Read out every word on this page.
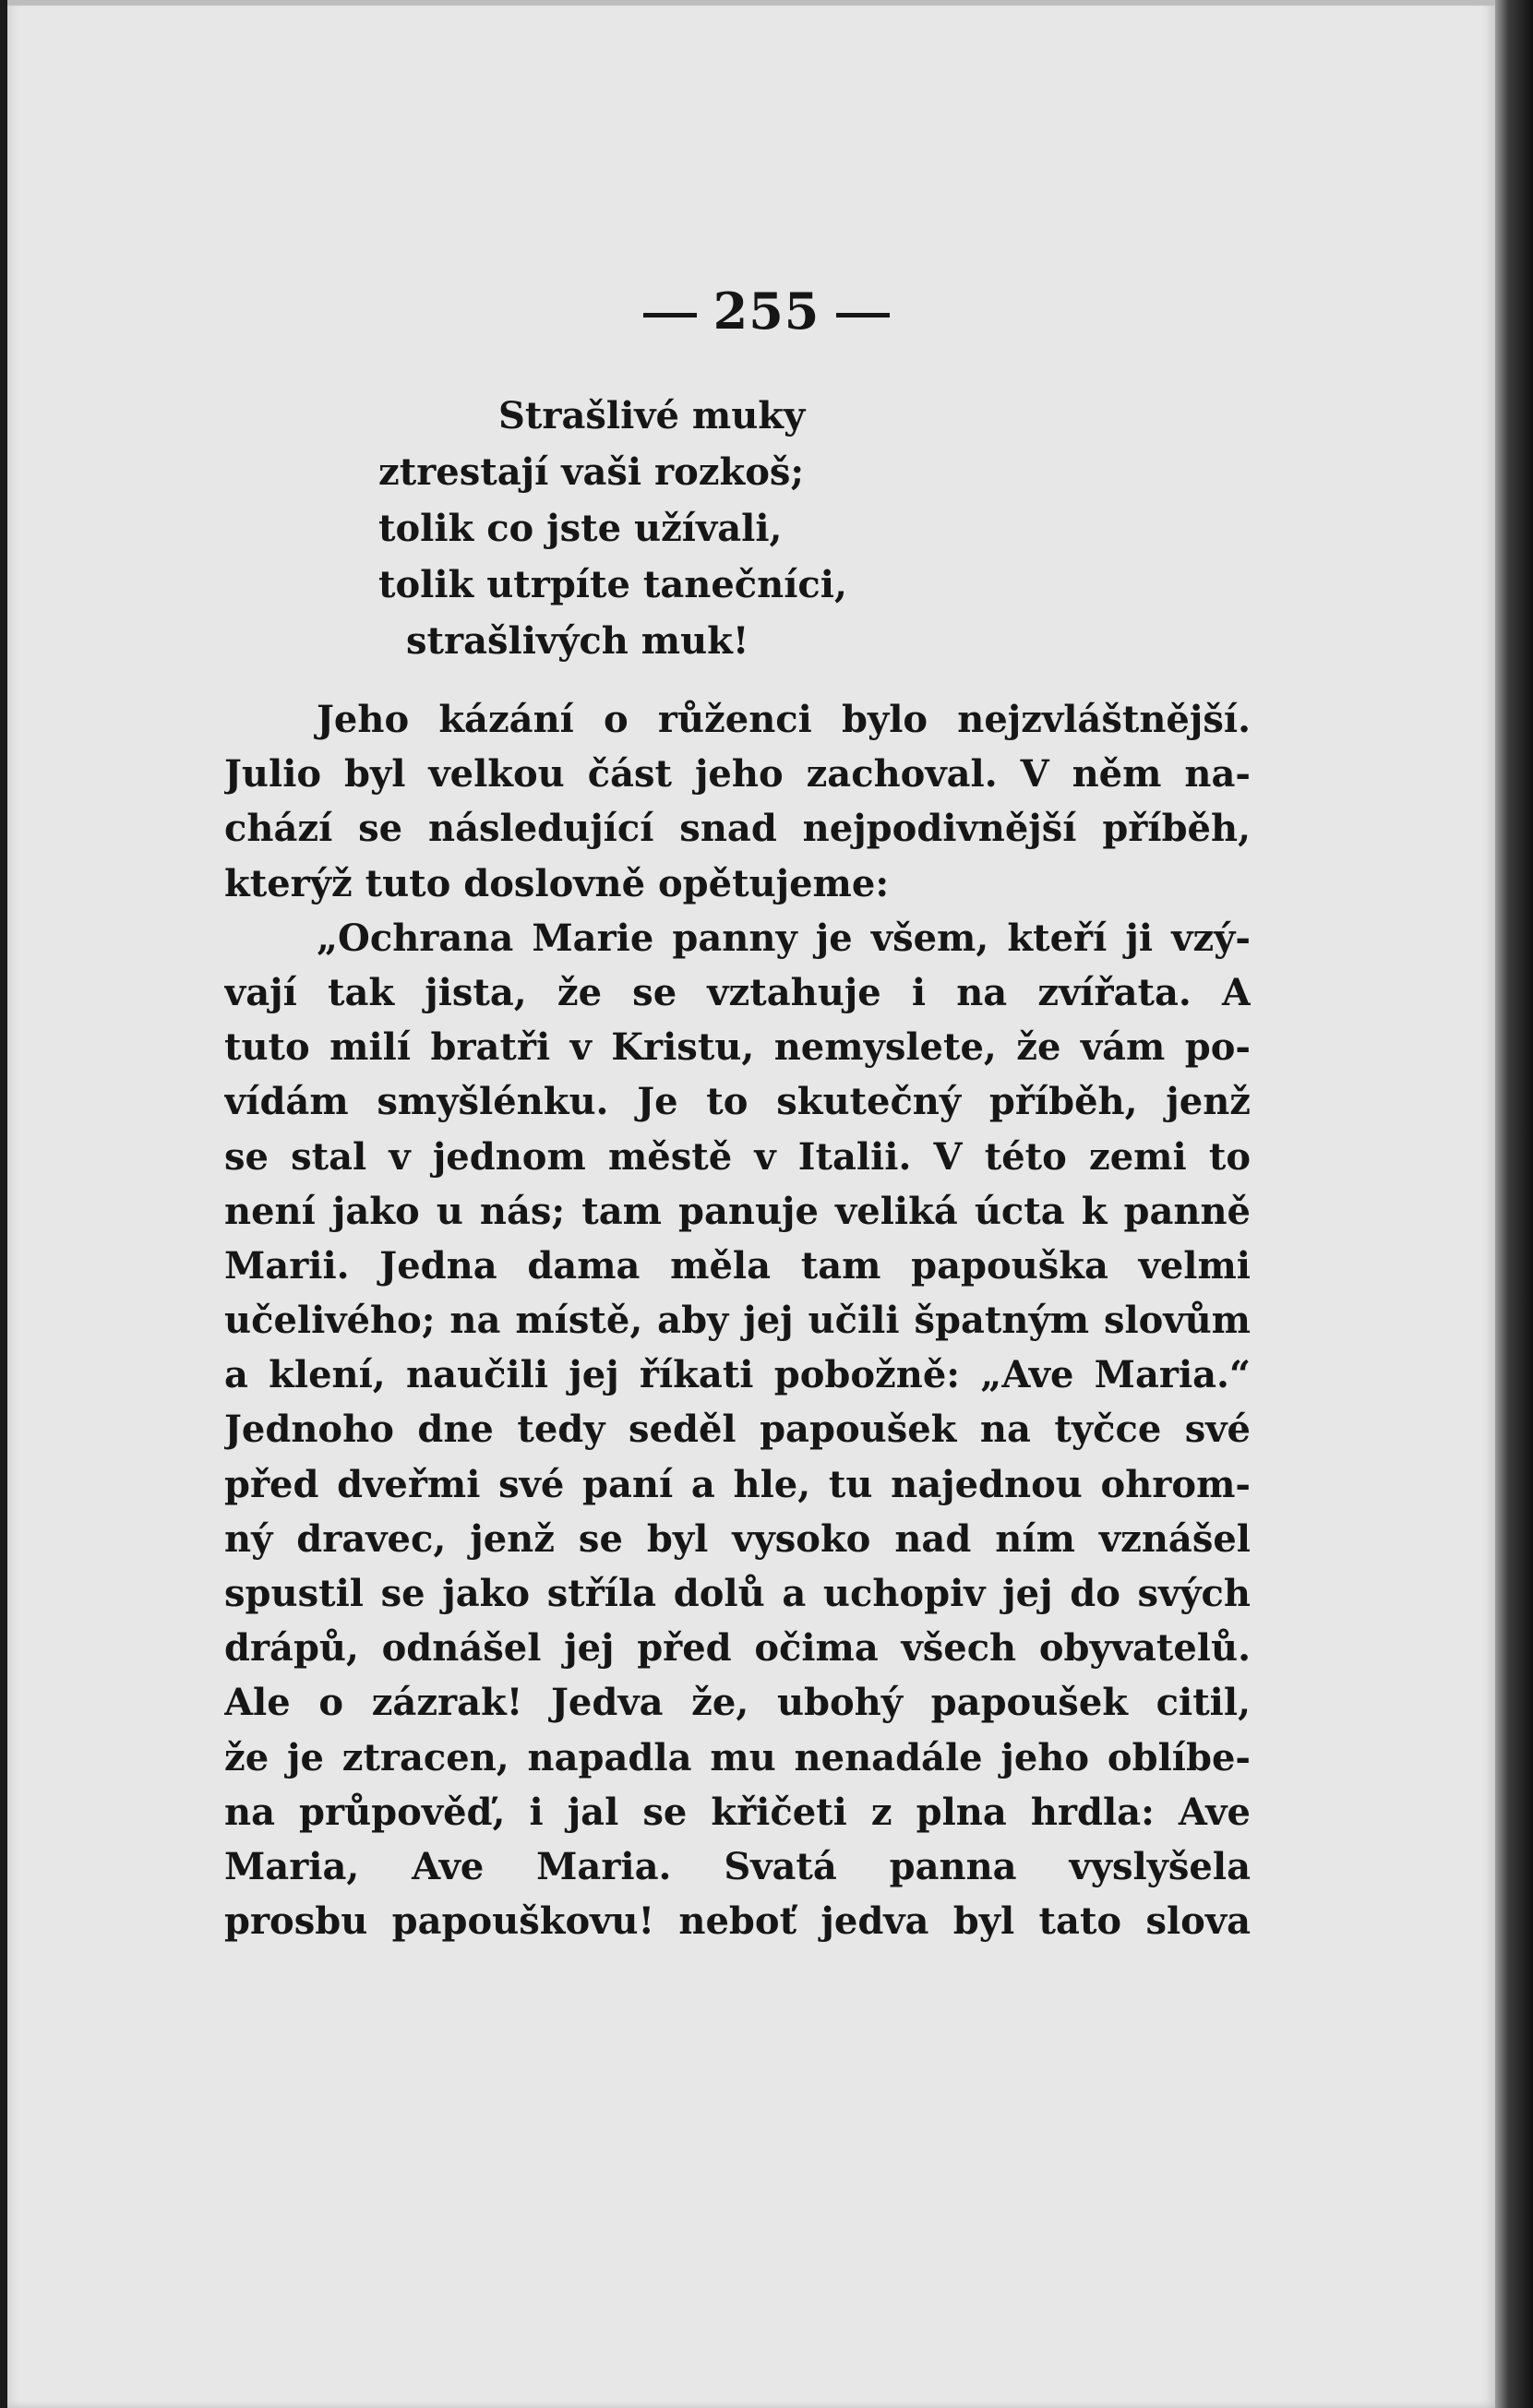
255
Strašlivé muky
ztrestají vaši rozkoš;
tolik co jste užívali,
tolik utrpíte tanečníci,
strašlivých muk!
Jeho kázání o růženci bylo nejzvláštnější.
Julio byl velkou část jeho zachoval. V něm na-
chází se následující snad nejpodivnější příběh,
kterýž tuto doslovně opětujeme:
„Ochrana Marie panny je všem, kteří ji vzý-
vají tak jista, že se vztahuje i na zvířata. A
tuto milí bratři v Kristu, nemyslete, že vám po-
vídám smyšlénku. Je to skutečný příběh, jenž
se stal v jednom městě v Italii. V této zemi to
není jako u nás; tam panuje veliká úcta k panně
Marii. Jedna dama měla tam papouška velmi
učelivého; na místě, aby jej učili špatným slovům
a klení, naučili jej říkati pobožně: „Ave Maria.“
Jednoho dne tedy seděl papoušek na tyčce své
před dveřmi své paní a hle, tu najednou ohrom-
ný dravec, jenž se byl vysoko nad ním vznášel
spustil se jako stříla dolů a uchopiv jej do svých
drápů, odnášel jej před očima všech obyvatelů.
Ale o zázrak! Jedva že, ubohý papoušek citil,
že je ztracen, napadla mu nenadále jeho oblíbe-
na průpověď, i jal se křičeti z plna hrdla: Ave
Maria, Ave Maria. Svatá panna vyslyšela
prosbu papouškovu! neboť jedva byl tato slova
